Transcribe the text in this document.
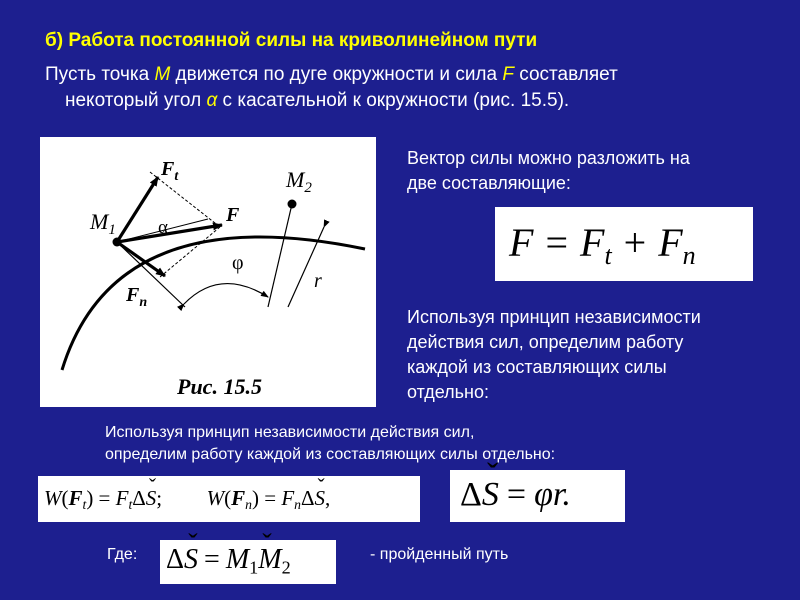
б) Работа постоянной силы на криволинейном пути
Пусть точка M движется по дуге окружности и сила F составляет
некоторый угол α с касательной к окружности (рис. 15.5).
$F_t$
F
$F_n$
$M_1$
$M_2$
α
φ
r
Рис. 15.5
Вектор силы можно разложить на
две составляющие:
$F = F_t + F_n$
Используя принцип независимости
действия сил, определим работу
каждой из составляющих силы
отдельно:
Используя принцип независимости действия сил,
определим работу каждой из составляющих силы отдельно:
$W(F_t)$ = $F_t\Delta ˇ$ S; $W(F_n)$ = $F_n\Delta ˇ$ S,	Δˇ S = φr.
Где: Δˇ $S = M_1ˇ$ $M_2$
- пройденный путь
